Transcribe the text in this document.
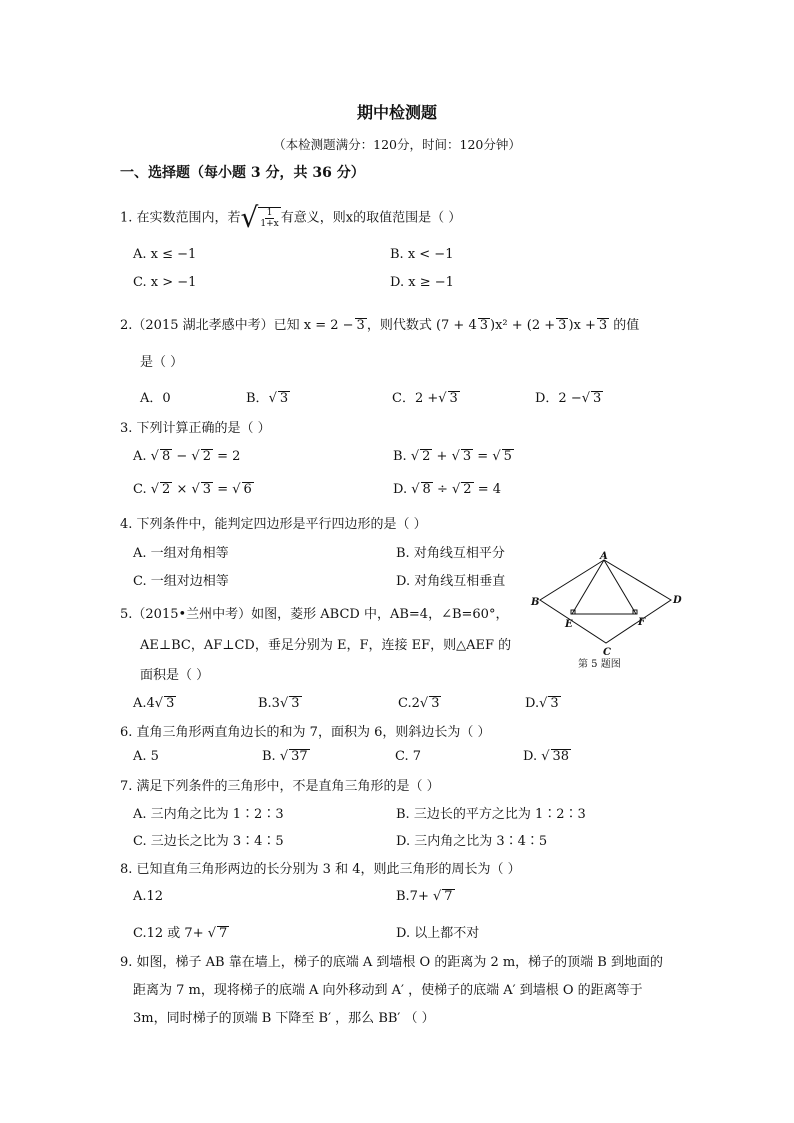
期中检测题
（本检测题满分：120分，时间：120分钟）
一、选择题（每小题 3 分，共 36 分）
1. 在实数范围内，若 √ $\frac{1}{1+x}$ 有意义，则x的取值范围是（ ）
A. x ≤ −1	B. x < −1
C. x > −1	D. x ≥ −1
2.（2015 湖北孝感中考）已知 x = 2 − 3 ，则代数式 (7 + 4 3 )x² + (2 + 3 )x + 3 的值
是（ ）
A．0	B．√ 3	C．2 +√ 3	D．2 −√ 3
3. 下列计算正确的是（ ）
A. √ 8 − √ 2 = 2	B. √ 2 + √ 3 = √ 5
C. √ 2 × √ 3 = √ 6	D. √ 8 ÷ √ 2 = 4
4. 下列条件中，能判定四边形是平行四边形的是（ ）
A. 一组对角相等	B. 对角线互相平分
C. 一组对边相等	D. 对角线互相垂直
5.（2015•兰州中考）如图，菱形 ABCD 中，AB=4，∠B=60°，
AE⊥BC，AF⊥CD，垂足分别为 E，F，连接 EF，则△AEF 的
面积是（ ）
A.4√ 3	B.3√ 3	C.2√ 3	D.√ 3
A
B
C
D
E	F
第 5 题图
6. 直角三角形两直角边长的和为 7，面积为 6，则斜边长为（ ）
A. 5	B. √ 37	C. 7	D. √ 38
7. 满足下列条件的三角形中，不是直角三角形的是（ ）
A. 三内角之比为 1∶2∶3	B. 三边长的平方之比为 1∶2∶3
C. 三边长之比为 3∶4∶5	D. 三内角之比为 3∶4∶5
8. 已知直角三角形两边的长分别为 3 和 4，则此三角形的周长为（ ）
A.12	B.7+ √ 7
C.12 或 7+ √ 7	D. 以上都不对
9. 如图，梯子 AB 靠在墙上，梯子的底端 A 到墙根 O 的距离为 2 m，梯子的顶端 B 到地面的
距离为 7 m，现将梯子的底端 A 向外移动到 A′ ，使梯子的底端 A′ 到墙根 O 的距离等于
3m，同时梯子的顶端 B 下降至 B′ ，那么 BB′ （ ）
